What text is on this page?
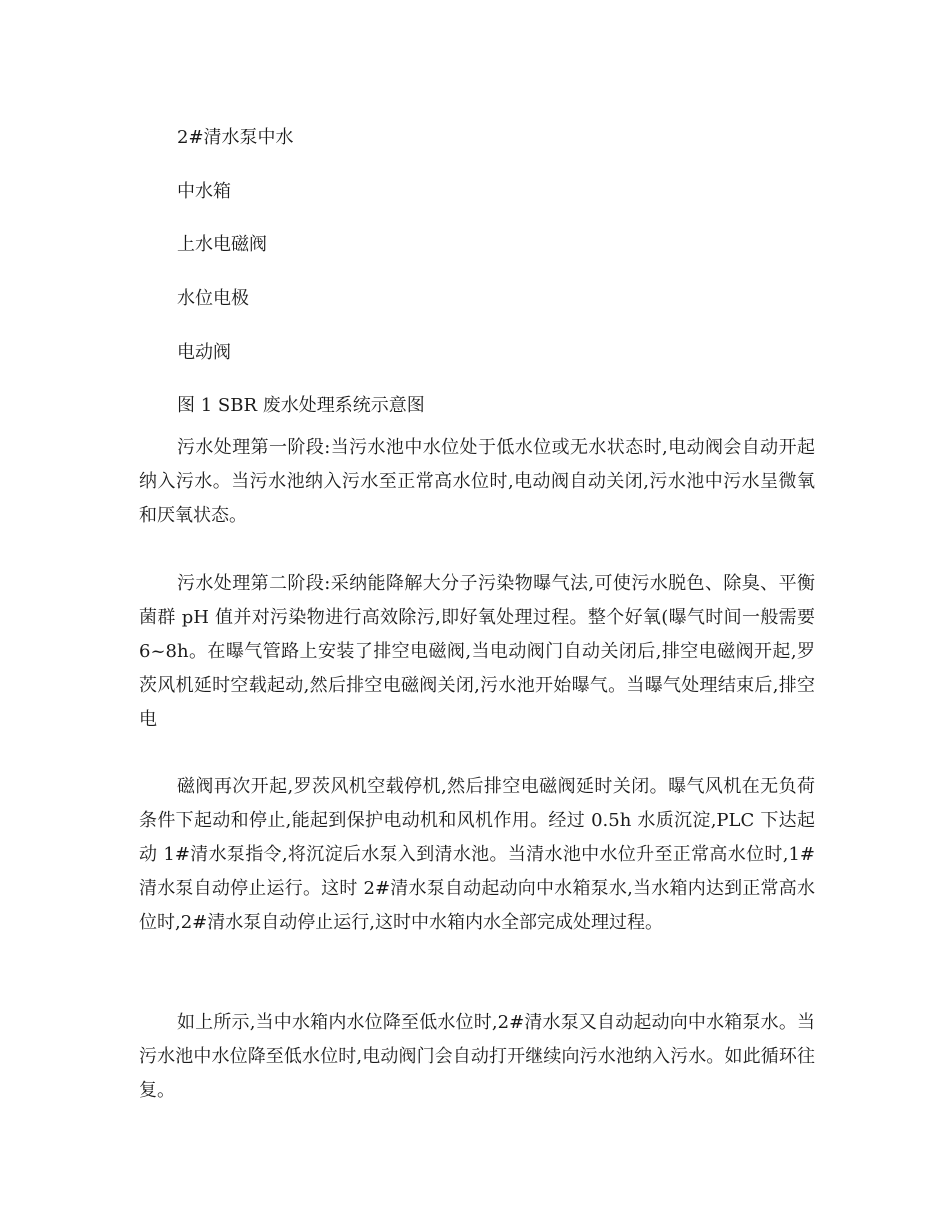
2#清水泵中水
中水箱
上水电磁阀
水位电极
电动阀
图 1 SBR 废水处理系统示意图

污水处理第一阶段:当污水池中水位处于低水位或无水状态时,电动阀会自动开起纳入污水。当污水池纳入污水至正常高水位时,电动阀自动关闭,污水池中污水呈微氧和厌氧状态。

污水处理第二阶段:采纳能降解大分子污染物曝气法,可使污水脱色、除臭、平衡菌群 pH 值并对污染物进行高效除污,即好氧处理过程。整个好氧(曝气时间一般需要 6~8h。在曝气管路上安装了排空电磁阀,当电动阀门自动关闭后,排空电磁阀开起,罗茨风机延时空载起动,然后排空电磁阀关闭,污水池开始曝气。当曝气处理结束后,排空电

磁阀再次开起,罗茨风机空载停机,然后排空电磁阀延时关闭。曝气风机在无负荷条件下起动和停止,能起到保护电动机和风机作用。经过 0.5h 水质沉淀,PLC 下达起动 1#清水泵指令,将沉淀后水泵入到清水池。当清水池中水位升至正常高水位时,1#清水泵自动停止运行。这时 2#清水泵自动起动向中水箱泵水,当水箱内达到正常高水位时,2#清水泵自动停止运行,这时中水箱内水全部完成处理过程。

如上所示,当中水箱内水位降至低水位时,2#清水泵又自动起动向中水箱泵水。当污水池中水位降至低水位时,电动阀门会自动打开继续向污水池纳入污水。如此循环往复。
